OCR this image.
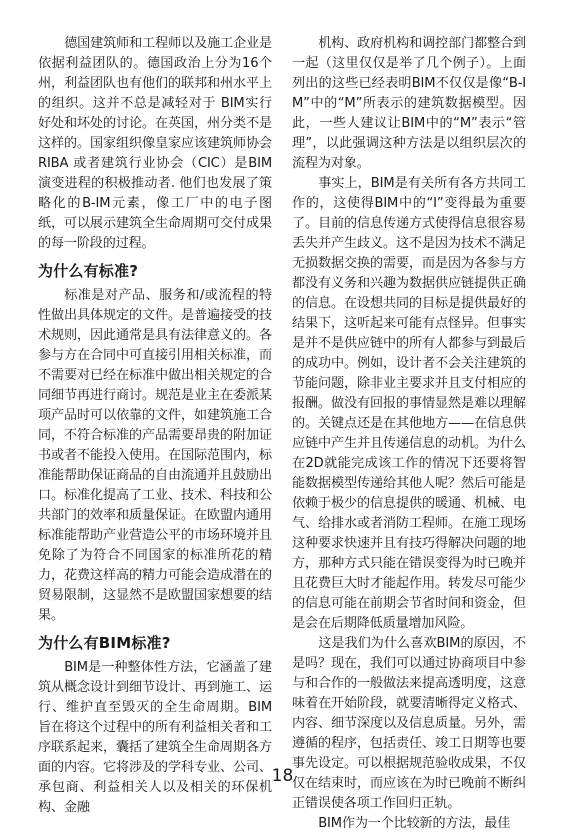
德国建筑师和工程师以及施工企业是依据利益团队的。德国政治上分为16个州，利益团队也有他们的联邦和州水平上的组织。这并不总是减轻对于 BIM实行好处和坏处的讨论。在英国，州分类不是这样的。国家组织像皇家应该建筑师协会 RIBA 或者建筑行业协会（CIC）是BIM演变进程的积极推动者. 他们也发展了策略化的B-IM元素，像工厂中的电子图纸，可以展示建筑全生命周期可交付成果的每一阶段的过程。

为什么有标准?

标准是对产品、服务和/或流程的特性做出具体规定的文件。是普遍接受的技术规则，因此通常是具有法律意义的。各参与方在合同中可直接引用相关标准，而不需要对已经在标准中做出相关规定的合同细节再进行商讨。规范是业主在委派某项产品时可以依靠的文件，如建筑施工合同，不符合标准的产品需要昂贵的附加证书或者不能投入使用。在国际范围内，标准能帮助保证商品的自由流通并且鼓励出口。标准化提高了工业、技术、科技和公共部门的效率和质量保证。在欧盟内通用标准能帮助产业营造公平的市场环境并且免除了为符合不同国家的标准所花的精力，花费这样高的精力可能会造成潜在的贸易限制，这显然不是欧盟国家想要的结果。

为什么有BIM标准?

BIM是一种整体性方法，它涵盖了建筑从概念设计到细节设计、再到施工、运行、维护直至毁灭的全生命周期。BIM 旨在将这个过程中的所有利益相关者和工序联系起来，囊括了建筑全生命周期各方面的内容。它将涉及的学科专业、公司、承包商、利益相关人以及相关的环保机构、金融

机构、政府机构和调控部门都整合到一起（这里仅仅是举了几个例子）。上面列出的这些已经表明BIM不仅仅是像“B-IM”中的“M”所表示的建筑数据模型。因此，一些人建议让BIM中的“M”表示“管理”，以此强调这种方法是以组织层次的流程为对象。

事实上，BIM是有关所有各方共同工作的，这使得BIM中的“I”变得最为重要了。目前的信息传递方式使得信息很容易丢失并产生歧义。这不是因为技术不满足无损数据交换的需要，而是因为各参与方都没有义务和兴趣为数据供应链提供正确的信息。在设想共同的目标是提供最好的结果下，这听起来可能有点怪异。但事实是并不是供应链中的所有人都参与到最后的成功中。例如，设计者不会关注建筑的节能问题，除非业主要求并且支付相应的报酬。做没有回报的事情显然是难以理解的。关键点还是在其他地方——在信息供应链中产生并且传递信息的动机。为什么在2D就能完成该工作的情况下还要将智能数据模型传递给其他人呢？然后可能是依赖于极少的信息提供的暖通、机械、电气、给排水或者消防工程师。在施工现场这种要求快速并且有技巧得解决问题的地方，那种方式只能在错误变得为时已晚并且花费巨大时才能起作用。转发尽可能少的信息可能在前期会节省时间和资金，但是会在后期降低质量增加风险。

这是我们为什么喜欢BIM的原因，不是吗？现在，我们可以通过协商项目中参与和合作的一般做法来提高透明度，这意味着在开始阶段，就要清晰得定义格式、内容、细节深度以及信息质量。另外，需遵循的程序，包括责任、竣工日期等也要事先设定。可以根据规范验收成果，不仅仅在结束时，而应该在为时已晚前不断纠正错误使各项工作回归正轨。

BIM作为一个比较新的方法，最佳

18
